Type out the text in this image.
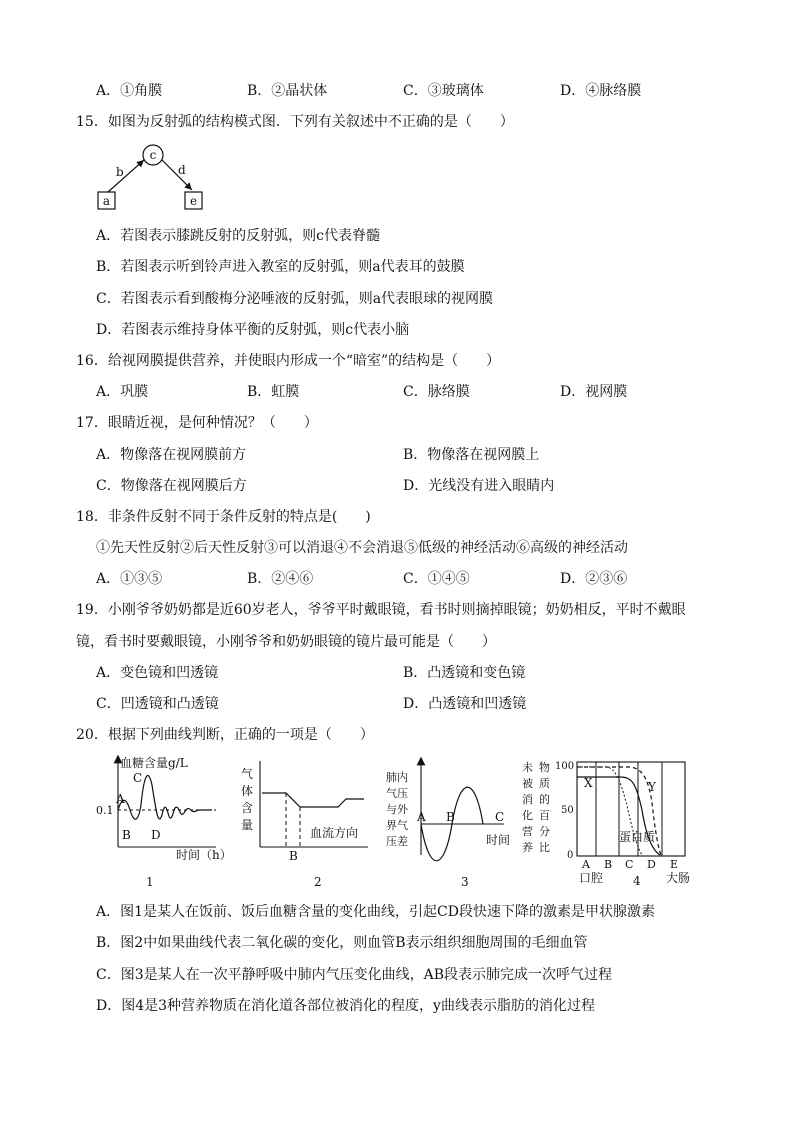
A．①角膜	B．②晶状体	C．③玻璃体	D．④脉络膜
15．如图为反射弧的结构模式图．下列有关叙述中不正确的是（　　）
a
c
e
b	d
A．若图表示膝跳反射的反射弧，则c代表脊髓
B．若图表示听到铃声进入教室的反射弧，则a代表耳的鼓膜
C．若图表示看到酸梅分泌唾液的反射弧，则a代表眼球的视网膜
D．若图表示维持身体平衡的反射弧，则c代表小脑
16．给视网膜提供营养，并使眼内形成一个“暗室”的结构是（　　）
A．巩膜	B．虹膜	C．脉络膜	D．视网膜
17．眼睛近视，是何种情况？（　　）
A．物像落在视网膜前方	B．物像落在视网膜上
C．物像落在视网膜后方	D．光线没有进入眼睛内
18．非条件反射不同于条件反射的特点是(　　)
①先天性反射②后天性反射③可以消退④不会消退⑤低级的神经活动⑥高级的神经活动
A．①③⑤	B．②④⑥	C．①④⑤	D．②③⑥
19．小刚爷爷奶奶都是近60岁老人，爷爷平时戴眼镜，看书时则摘掉眼镜；奶奶相反，平时不戴眼
镜，看书时要戴眼镜，小刚爷爷和奶奶眼镜的镜片最可能是（　　）
A．变色镜和凹透镜	B．凸透镜和变色镜
C．凹透镜和凸透镜	D．凸透镜和凹透镜
20．根据下列曲线判断，正确的一项是（　　）
血糖含量g/L
0.1
A
C
B D
时间（h）
1
气
体
含
量
血流方向
B
2
肺内
气压
与外
界气
压差
A B	C
时间
3
未
被
消
化
营
养
物
质
的
百
分
比
100
50
0
X	Y
蛋白质
A B C D E
口腔 4 大肠
A．图1是某人在饭前、饭后血糖含量的变化曲线，引起CD段快速下降的激素是甲状腺激素
B．图2中如果曲线代表二氧化碳的变化，则血管B表示组织细胞周围的毛细血管
C．图3是某人在一次平静呼吸中肺内气压变化曲线，AB段表示肺完成一次呼气过程
D．图4是3种营养物质在消化道各部位被消化的程度，y曲线表示脂肪的消化过程
